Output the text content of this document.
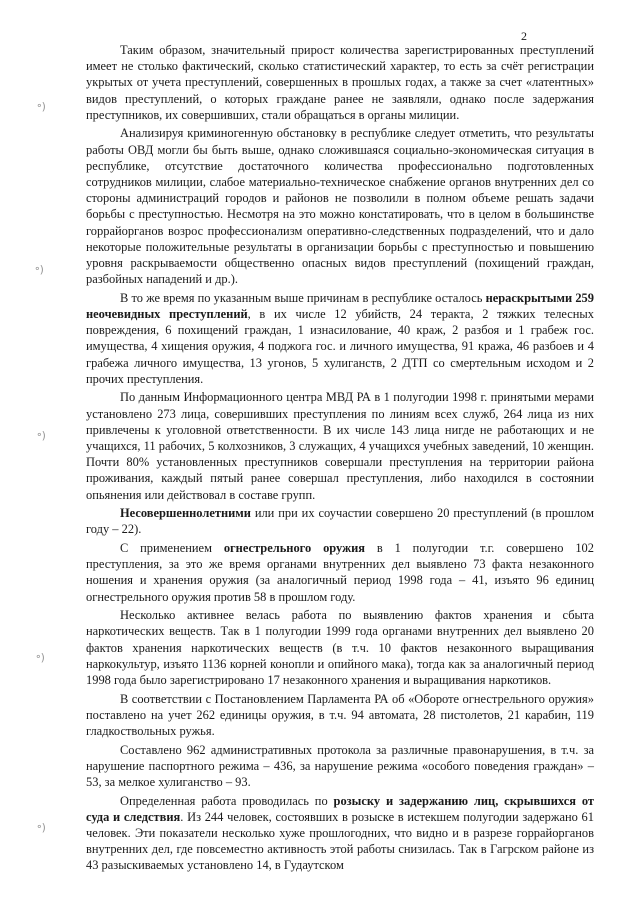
2
॰)
॰)
॰)
॰)
॰)

Таким образом, значительный прирост количества зарегистрированных преступлений имеет не столько фактический, сколько статистический характер, то есть за счёт регистрации укрытых от учета преступлений, совершенных в прошлых годах, а также за счет «латентных» видов преступлений, о которых граждане ранее не заявляли, однако после задержания преступников, их совершивших, стали обращаться в органы милиции.

Анализируя криминогенную обстановку в республике следует отметить, что результаты работы ОВД могли бы быть выше, однако сложившаяся социально-экономическая ситуация в республике, отсутствие достаточного количества профессионально подготовленных сотрудников милиции, слабое материально-техническое снабжение органов внутренних дел со стороны администраций городов и районов не позволили в полном объеме решать задачи борьбы с преступностью. Несмотря на это можно констатировать, что в целом в большинстве горрайорганов возрос профессионализм оперативно-следственных подразделений, что и дало некоторые положительные результаты в организации борьбы с преступностью и повышению уровня раскрываемости общественно опасных видов преступлений (похищений граждан, разбойных нападений и др.).

В то же время по указанным выше причинам в республике осталось нераскрытыми 259 неочевидных преступлений, в их числе 12 убийств, 24 теракта, 2 тяжких телесных повреждения, 6 похищений граждан, 1 изнасилование, 40 краж, 2 разбоя и 1 грабеж гос. имущества, 4 хищения оружия, 4 поджога гос. и личного имущества, 91 кража, 46 разбоев и 4 грабежа личного имущества, 13 угонов, 5 хулиганств, 2 ДТП со смертельным исходом и 2 прочих преступления.

По данным Информационного центра МВД РА в 1 полугодии 1998 г. принятыми мерами установлено 273 лица, совершивших преступления по линиям всех служб, 264 лица из них привлечены к уголовной ответственности. В их числе 143 лица нигде не работающих и не учащихся, 11 рабочих, 5 колхозников, 3 служащих, 4 учащихся учебных заведений, 10 женщин. Почти 80% установленных преступников совершали преступления на территории района проживания, каждый пятый ранее совершал преступления, либо находился в состоянии опьянения или действовал в составе групп.

Несовершеннолетними или при их соучастии совершено 20 преступлений (в прошлом году – 22).

С применением огнестрельного оружия в 1 полугодии т.г. совершено 102 преступления, за это же время органами внутренних дел выявлено 73 факта незаконного ношения и хранения оружия (за аналогичный период 1998 года – 41, изъято 96 единиц огнестрельного оружия против 58 в прошлом году.

Несколько активнее велась работа по выявлению фактов хранения и сбыта наркотических веществ. Так в 1 полугодии 1999 года органами внутренних дел выявлено 20 фактов хранения наркотических веществ (в т.ч. 10 фактов незаконного выращивания наркокультур, изъято 1136 корней конопли и опийного мака), тогда как за аналогичный период 1998 года было зарегистрировано 17 незаконного хранения и выращивания наркотиков.

В соответствии с Постановлением Парламента РА об «Обороте огнестрельного оружия» поставлено на учет 262 единицы оружия, в т.ч. 94 автомата, 28 пистолетов, 21 карабин, 119 гладкоствольных ружья.

Составлено 962 административных протокола за различные правонарушения, в т.ч. за нарушение паспортного режима – 436, за нарушение режима «особого поведения граждан» – 53, за мелкое хулиганство – 93.

Определенная работа проводилась по розыску и задержанию лиц, скрывшихся от суда и следствия. Из 244 человек, состоявших в розыске в истекшем полугодии задержано 61 человек. Эти показатели несколько хуже прошлогодних, что видно и в разрезе горрайорганов внутренних дел, где повсеместно активность этой работы снизилась. Так в Гагрском районе из 43 разыскиваемых установлено 14, в Гудаутском
